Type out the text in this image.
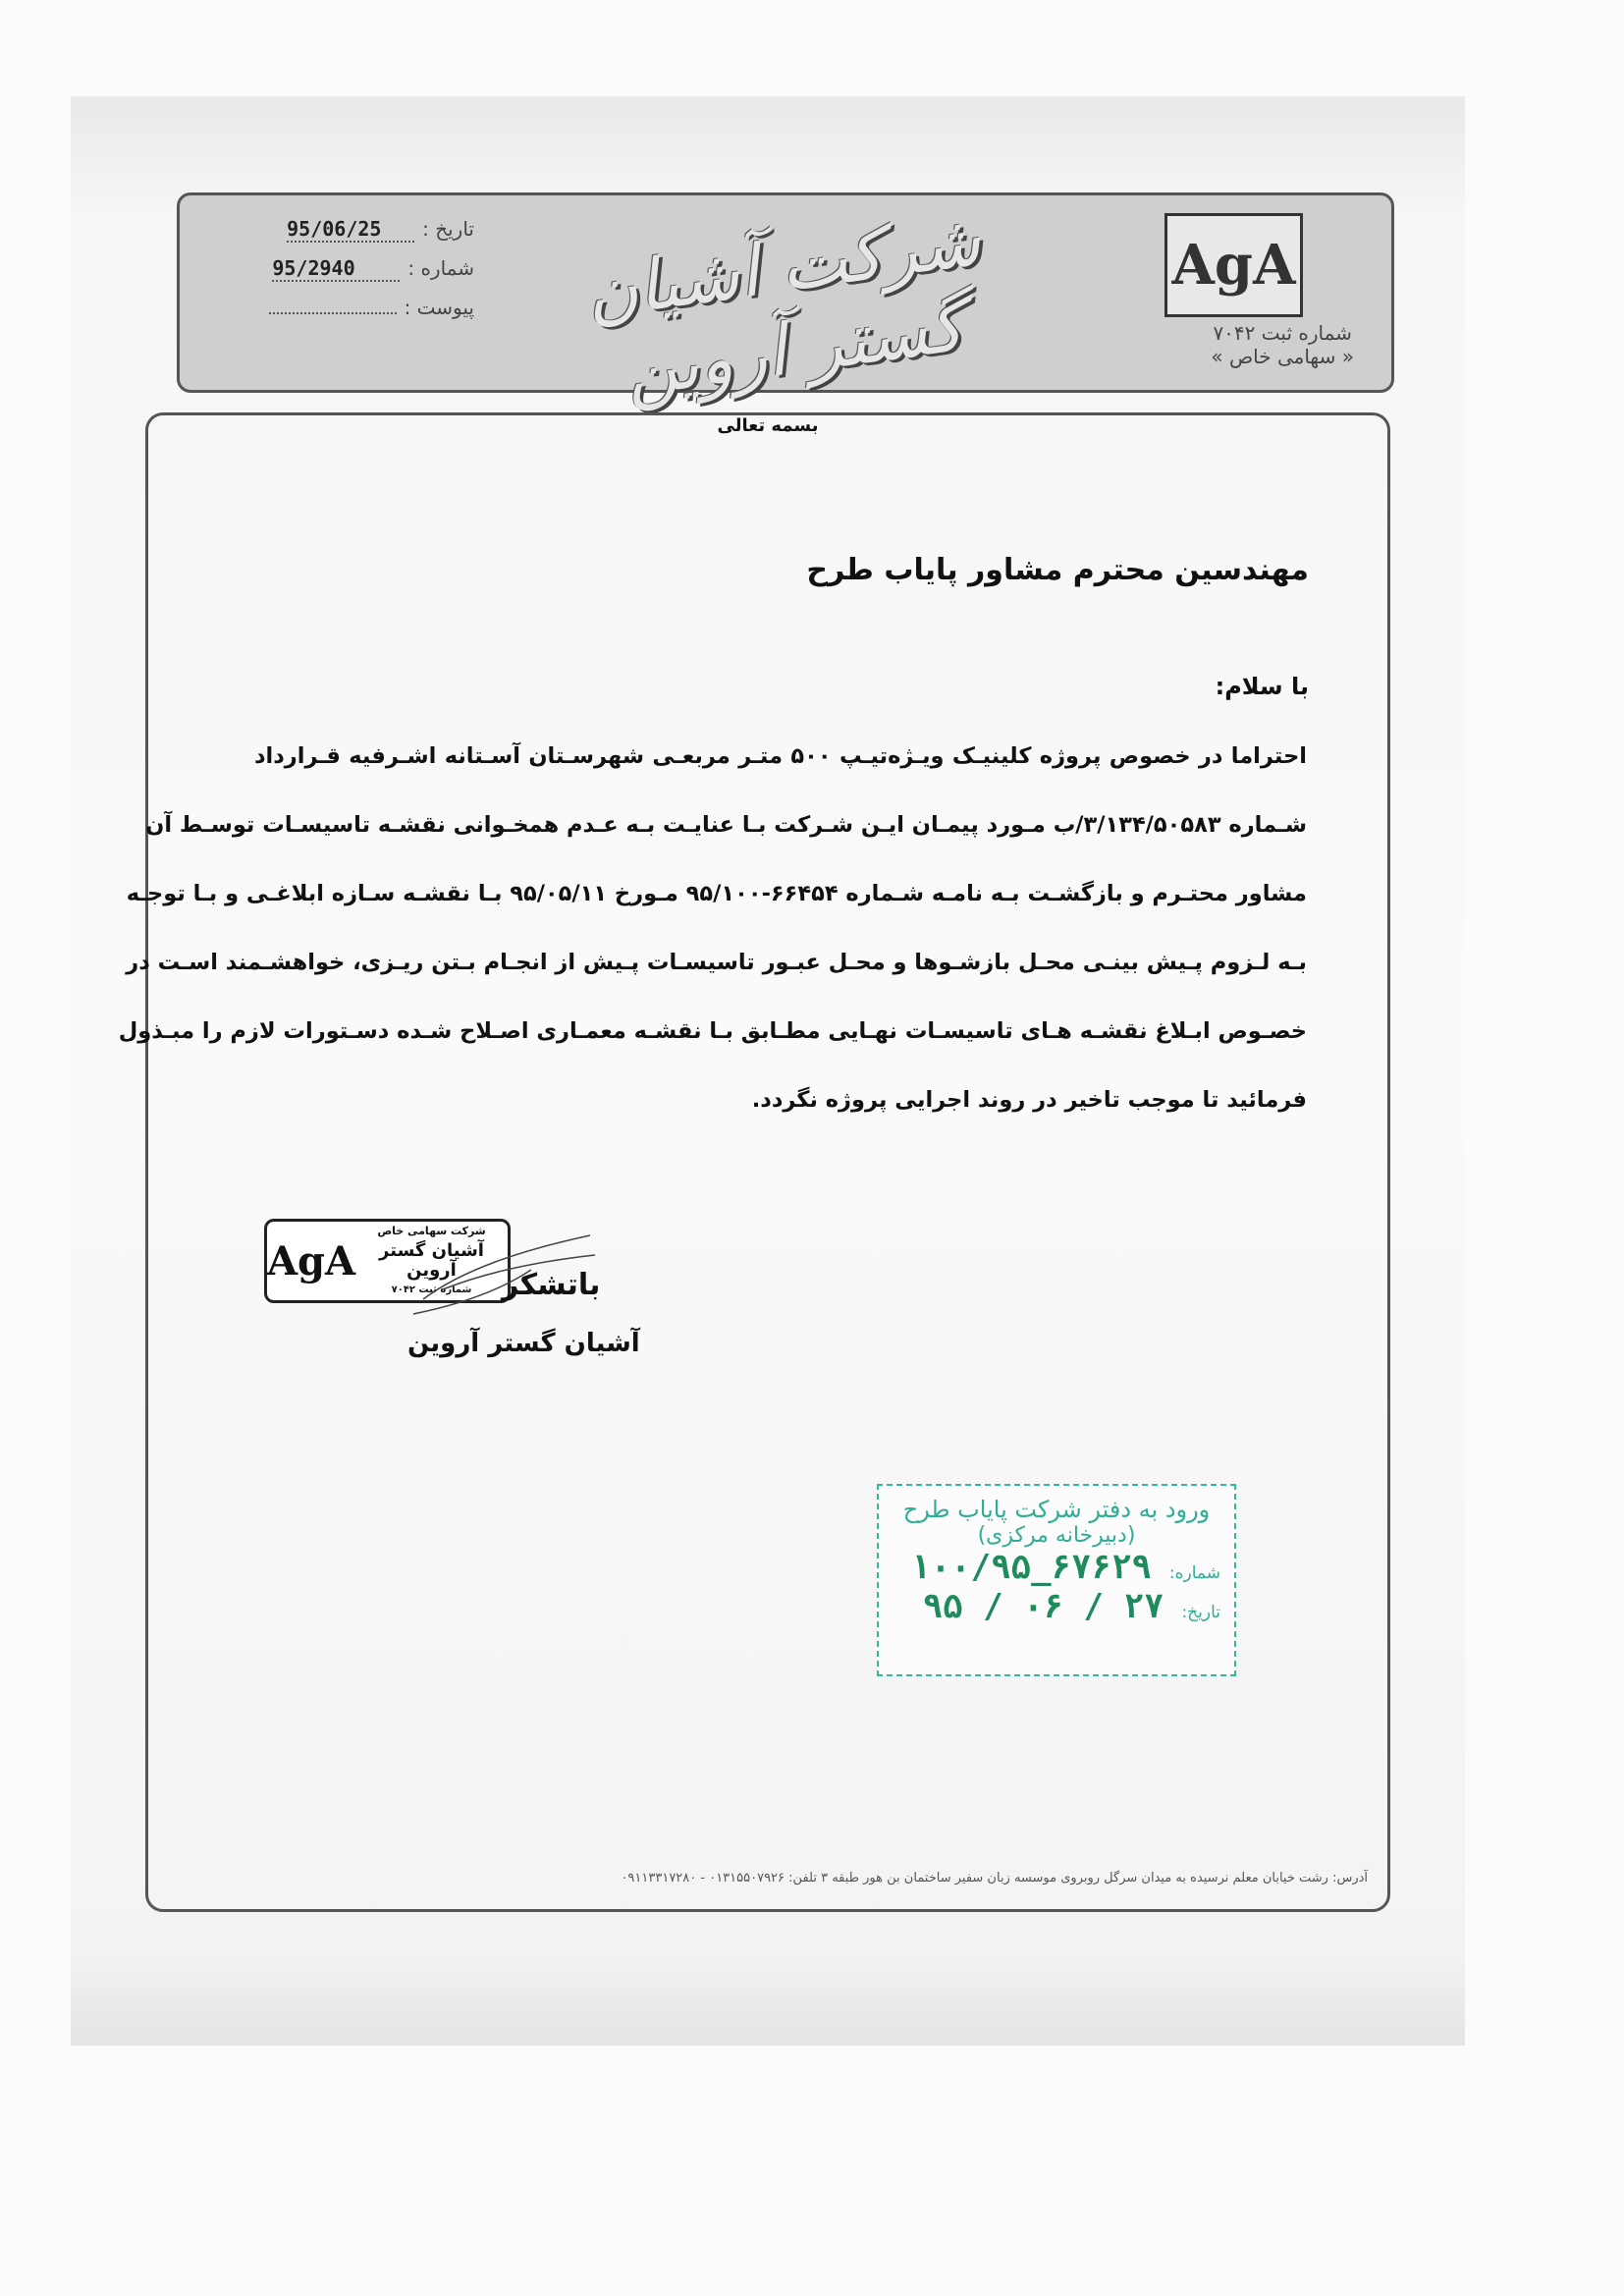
AgA
شماره ثبت ۷۰۴۲
« سهامی خاص »
شرکت آشیان گستر آروین
تاریخ :
95/06/25
شماره :
95/2940
پیوست :
بسمه تعالی
مهندسین محترم مشاور پایاب طرح
با سلام:
احتراما در خصوص پروژه کلینیـک ویـژه‌تیـپ ۵۰۰ متـر مربعـی شهرسـتان آسـتانه اشـرفیه قـرارداد
شـماره ۳/۱۳۴/۵۰۵۸۳/ب مـورد پیمـان ایـن شـرکت بـا عنایـت بـه عـدم همخـوانی نقشـه تاسیسـات توسـط آن
مشاور محتـرم و بازگشـت بـه نامـه شـماره ۶۶۴۵۴-۹۵/۱۰۰ مـورخ ۹۵/۰۵/۱۱ بـا نقشـه سـازه ابلاغـی و بـا توجـه
بـه لـزوم پـیش بینـی محـل بازشـوها و محـل عبـور تاسیسـات پـیش از انجـام بـتن ریـزی، خواهشـمند اسـت در
خصـوص ابـلاغ نقشـه هـای تاسیسـات نهـایی مطـابق بـا نقشـه معمـاری اصـلاح شـده دسـتورات لازم را مبـذول
فرمائید تا موجب تاخیر در روند اجرایی پروژه نگردد.
شرکت سهامی خاص
آشیان گستر آروین
شماره ثبت ۷۰۴۲
AgA
باتشکر
آشیان گستر آروین
ورود به دفتر شرکت پایاب طرح
(دبیرخانه مرکزی)
شماره:
۱۰۰/۹۵_۶۷۶۲۹
تاریخ:
۹۵ / ۰۶ / ۲۷
آدرس: رشت خیابان معلم نرسیده به میدان سرگل روبروی موسسه زبان سفیر ساختمان بن هور طبقه ۳ تلفن: ۰۱۳۱۵۵۰۷۹۲۶ - ۰۹۱۱۳۳۱۷۲۸۰
